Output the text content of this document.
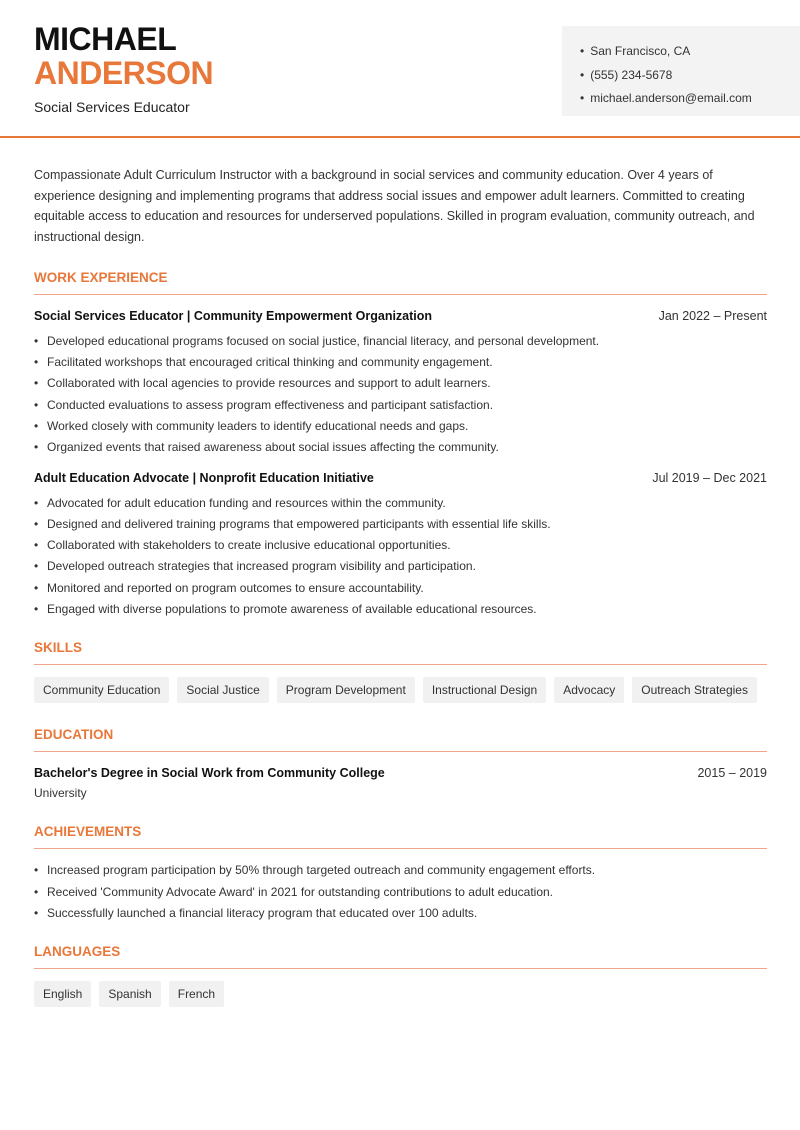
MICHAEL
ANDERSON
Social Services Educator
• San Francisco, CA
• (555) 234-5678
• michael.anderson@email.com

Compassionate Adult Curriculum Instructor with a background in social services and community education. Over 4 years of experience designing and implementing programs that address social issues and empower adult learners. Committed to creating equitable access to education and resources for underserved populations. Skilled in program evaluation, community outreach, and instructional design.

WORK EXPERIENCE
Social Services Educator | Community Empowerment Organization	Jan 2022 – Present
• Developed educational programs focused on social justice, financial literacy, and personal development.
• Facilitated workshops that encouraged critical thinking and community engagement.
• Collaborated with local agencies to provide resources and support to adult learners.
• Conducted evaluations to assess program effectiveness and participant satisfaction.
• Worked closely with community leaders to identify educational needs and gaps.
• Organized events that raised awareness about social issues affecting the community.
Adult Education Advocate | Nonprofit Education Initiative	Jul 2019 – Dec 2021
• Advocated for adult education funding and resources within the community.
• Designed and delivered training programs that empowered participants with essential life skills.
• Collaborated with stakeholders to create inclusive educational opportunities.
• Developed outreach strategies that increased program visibility and participation.
• Monitored and reported on program outcomes to ensure accountability.
• Engaged with diverse populations to promote awareness of available educational resources.
SKILLS
Community Education	Social Justice	Program Development	Instructional Design	Advocacy	Outreach Strategies
EDUCATION
Bachelor's Degree in Social Work from Community College	2015 – 2019
University
ACHIEVEMENTS
• Increased program participation by 50% through targeted outreach and community engagement efforts.
• Received 'Community Advocate Award' in 2021 for outstanding contributions to adult education.
• Successfully launched a financial literacy program that educated over 100 adults.
LANGUAGES
English	Spanish	French
